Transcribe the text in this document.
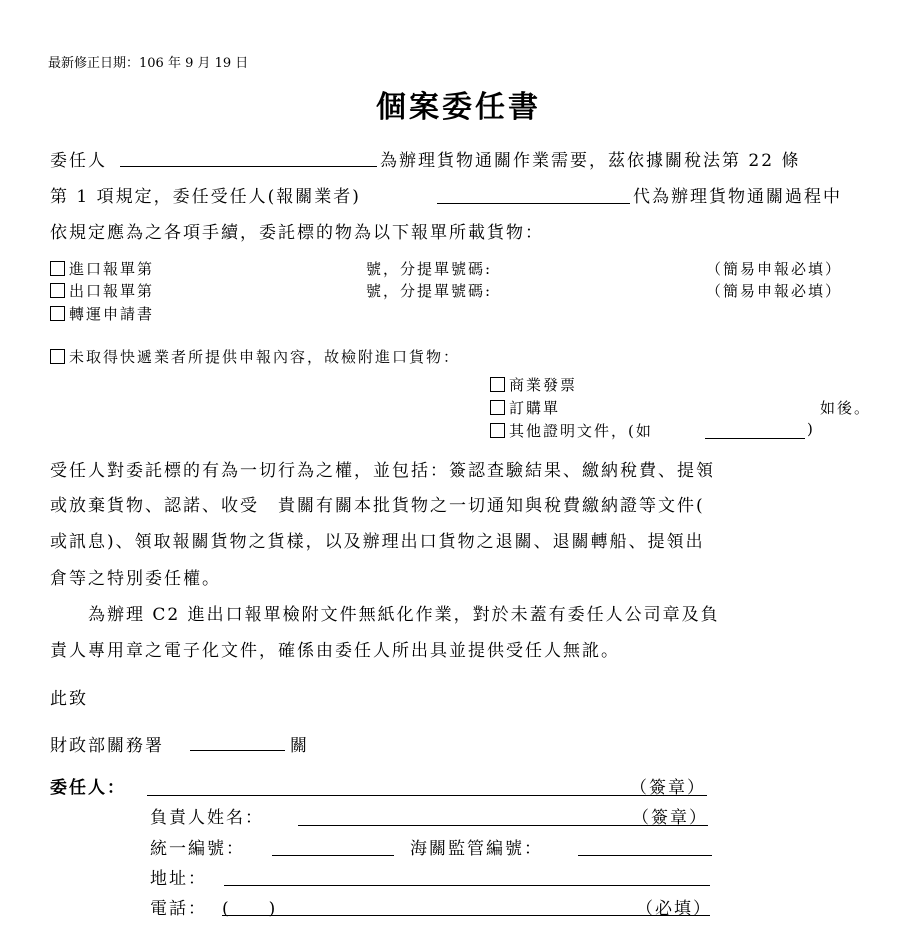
最新修正日期：106 年 9 月 19 日
個案委任書
委任人	為辦理貨物通關作業需要，茲依據關稅法第 22 條
第 1 項規定，委任受任人(報關業者)	代為辦理貨物通關過程中
依規定應為之各項手續，委託標的物為以下報單所載貨物：
進口報單第	號，分提單號碼:	（簡易申報必填）
出口報單第	號，分提單號碼:	（簡易申報必填）
轉運申請書
未取得快遞業者所提供申報內容，故檢附進口貨物：
商業發票
訂購單	如後。
其他證明文件，(如	)
受任人對委託標的有為一切行為之權，並包括：簽認查驗結果、繳納稅費、提領
或放棄貨物、認諾、收受　貴關有關本批貨物之一切通知與稅費繳納證等文件(
或訊息)、領取報關貨物之貨樣，以及辦理出口貨物之退關、退關轉船、提領出
倉等之特別委任權。
　　為辦理 C2 進出口報單檢附文件無紙化作業，對於未蓋有委任人公司章及負
責人專用章之電子化文件，確係由委任人所出具並提供受任人無訛。
此致
財政部關務署	關
委任人：	（簽章）
負責人姓名：	（簽章）
統一編號：	海關監管編號：
地址：
電話： (　　)	（必填）
